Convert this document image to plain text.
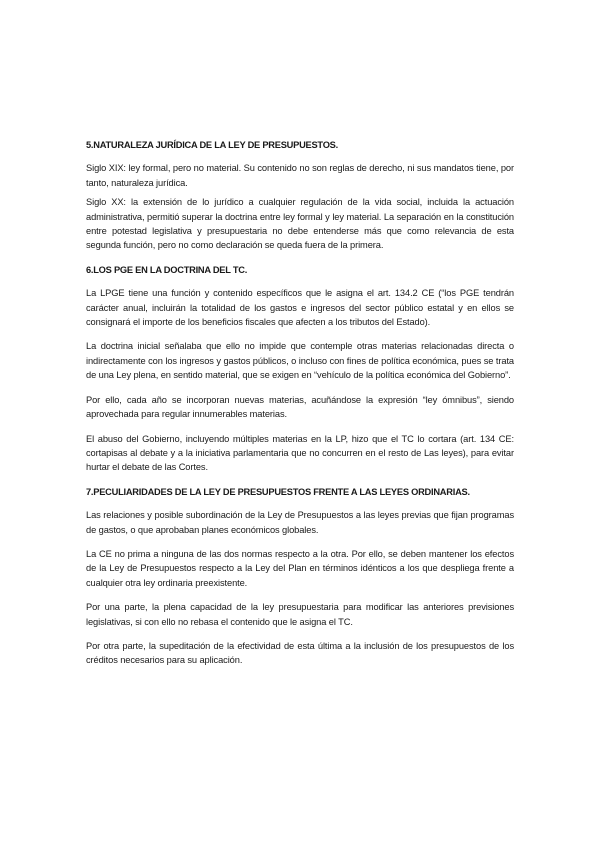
5.NATURALEZA JURÍDICA DE LA LEY DE PRESUPUESTOS.

Siglo XIX: ley formal, pero no material. Su contenido no son reglas de derecho, ni sus mandatos tiene, por tanto, naturaleza jurídica.

Siglo XX: la extensión de lo jurídico a cualquier regulación de la vida social, incluida la actuación administrativa, permitió superar la doctrina entre ley formal y ley material. La separación en la constitución entre potestad legislativa y presupuestaria no debe entenderse más que como relevancia de esta segunda función, pero no como declaración se queda fuera de la primera.

6.LOS PGE EN LA DOCTRINA DEL TC.

La LPGE tiene una función y contenido específicos que le asigna el art. 134.2 CE (“los PGE tendrán carácter anual, incluirán la totalidad de los gastos e ingresos del sector público estatal y en ellos se consignará el importe de los beneficios fiscales que afecten a los tributos del Estado).

La doctrina inicial señalaba que ello no impide que contemple otras materias relacionadas directa o indirectamente con los ingresos y gastos públicos, o incluso con fines de política económica, pues se trata de una Ley plena, en sentido material, que se exigen en “vehículo de la política económica del Gobierno”.

Por ello, cada año se incorporan nuevas materias, acuñándose la expresión “ley ómnibus”, siendo aprovechada para regular innumerables materias.

El abuso del Gobierno, incluyendo múltiples materias en la LP, hizo que el TC lo cortara (art. 134 CE: cortapisas al debate y a la iniciativa parlamentaria que no concurren en el resto de Las leyes), para evitar hurtar el debate de las Cortes.

7.PECULIARIDADES DE LA LEY DE PRESUPUESTOS FRENTE A LAS LEYES ORDINARIAS.

Las relaciones y posible subordinación de la Ley de Presupuestos a las leyes previas que fijan programas de gastos, o que aprobaban planes económicos globales.

La CE no prima a ninguna de las dos normas respecto a la otra. Por ello, se deben mantener los efectos de la Ley de Presupuestos respecto a la Ley del Plan en términos idénticos a los que despliega frente a cualquier otra ley ordinaria preexistente.

Por una parte, la plena capacidad de la ley presupuestaria para modificar las anteriores previsiones legislativas, si con ello no rebasa el contenido que le asigna el TC.

Por otra parte, la supeditación de la efectividad de esta última a la inclusión de los presupuestos de los créditos necesarios para su aplicación.
